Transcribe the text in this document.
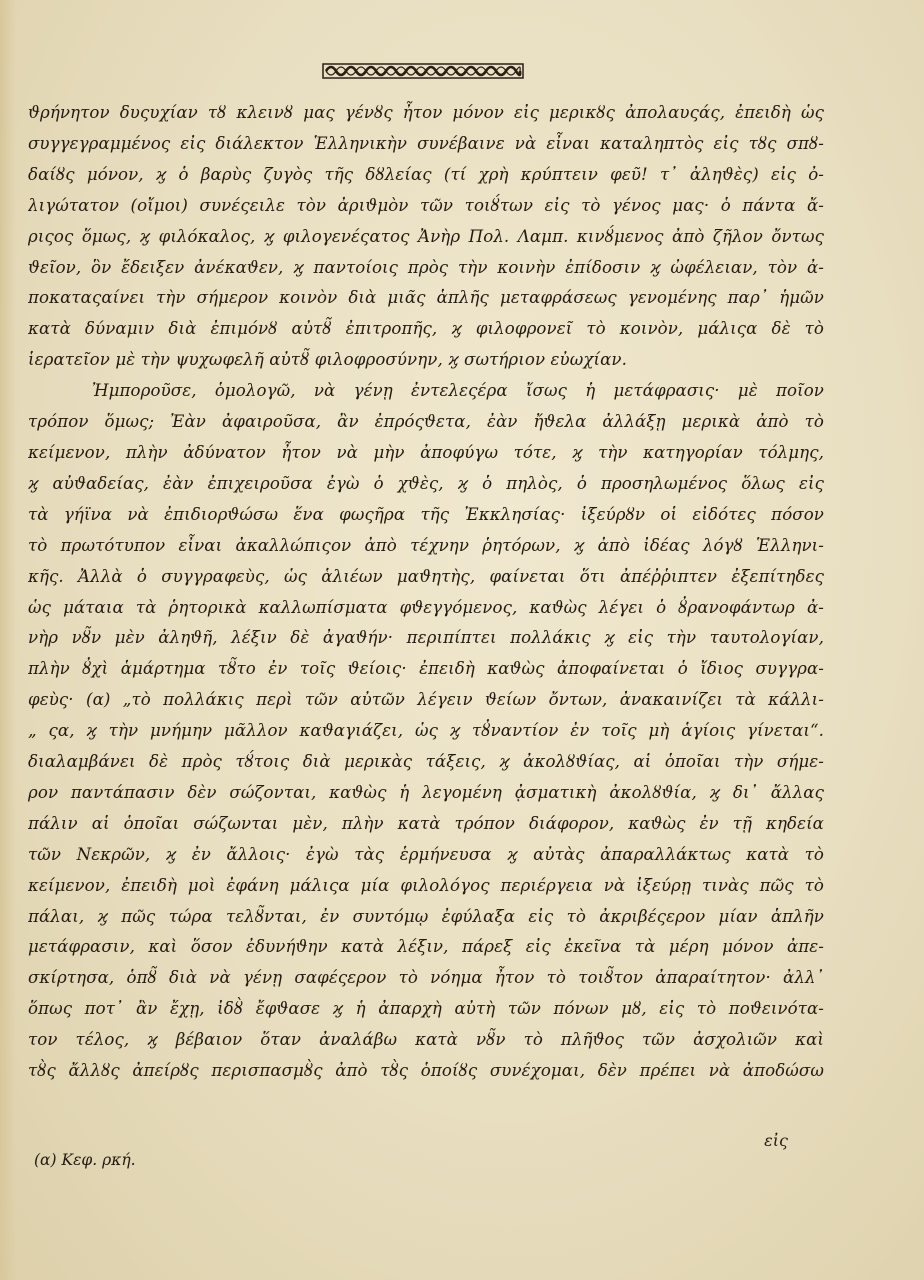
ϑρήνητον δυςυχίαν τȣ κλεινȣ μας γένȣς ἦτον μόνον εἰς μερικȣς ἀπολαυςάς, ἐπειδὴ ὡς
συγγεγραμμένος εἰς διάλεκτον Ἑλληνικὴν συνέβαινε νὰ εἶναι καταληπτὸς εἰς τȣς σπȣ-
δαίȣς μόνον, ϗ ὁ βαρὺς ζυγὸς τῆς δȣλείας (τί χρὴ κρύπτειν φεῦ! τ᾽ ἀληϑὲς) εἰς ὀ-
λιγώτατον (οἴμοι) συνέςειλε τὸν ἀριϑμὸν τῶν τοιȣ́των εἰς τὸ γένος μας· ὁ πάντα ἄ-
ριςος ὅμως, ϗ φιλόκαλος, ϗ φιλογενέςατος Ἀνὴρ Πολ. Λαμπ. κινȣ́μενος ἀπὸ ζῆλον ὄντως
ϑεῖον, ὃν ἔδειξεν ἀνέκαϑεν, ϗ παντοίοις πρὸς τὴν κοινὴν ἐπίδοσιν ϗ ὠφέλειαν, τὸν ἀ-
ποκαταςαίνει τὴν σήμερον κοινὸν διὰ μιᾶς ἁπλῆς μεταφράσεως γενομένης παρ᾽ ἡμῶν
κατὰ δύναμιν διὰ ἐπιμόνȣ αὐτȣ̃ ἐπιτροπῆς, ϗ φιλοφρονεῖ τὸ κοινὸν, μάλιςα δὲ τὸ
ἱερατεῖον μὲ τὴν ψυχωφελῆ αὐτȣ̃ φιλοφροσύνην, ϗ σωτήριον εὐωχίαν.
Ἠμποροῦσε, ὁμολογῶ, νὰ γένῃ ἐντελεςέρα ἴσως ἡ μετάφρασις· μὲ ποῖον
τρόπον ὅμως; Ἐὰν ἀφαιροῦσα, ἂν ἐπρόςϑετα, ἐὰν ἤϑελα ἀλλάξῃ μερικὰ ἀπὸ τὸ
κείμενον, πλὴν ἀδύνατον ἦτον νὰ μὴν ἀποφύγω τότε, ϗ τὴν κατηγορίαν τόλμης,
ϗ αὐϑαδείας, ἐὰν ἐπιχειροῦσα ἐγὼ ὁ χϑὲς, ϗ ὁ πηλὸς, ὁ προσηλωμένος ὅλως εἰς
τὰ γήϊνα νὰ ἐπιδιορϑώσω ἕνα φωςῆρα τῆς Ἐκκλησίας· ἰξεύρȣν οἱ εἰδότες πόσον
τὸ πρωτότυπον εἶναι ἀκαλλώπιςον ἀπὸ τέχνην ῥητόρων, ϗ ἀπὸ ἰδέας λόγȣ Ἑλληνι-
κῆς. Ἀλλὰ ὁ συγγραφεὺς, ὡς ἁλιέων μαϑητὴς, φαίνεται ὅτι ἀπέῤῥιπτεν ἐξεπίτηδες
ὡς μάταια τὰ ῥητορικὰ καλλωπίσματα φϑεγγόμενος, καϑὼς λέγει ὁ ȣ̓ρανοφάντωρ ἀ-
νὴρ νȣ̃ν μὲν ἀληϑῆ, λέξιν δὲ ἀγαϑήν· περιπίπτει πολλάκις ϗ εἰς τὴν ταυτολογίαν,
πλὴν ȣ̓χὶ ἁμάρτημα τȣ̃το ἐν τοῖς ϑείοις· ἐπειδὴ καϑὼς ἀποφαίνεται ὁ ἴδιος συγγρα-
φεὺς· (α) „τὸ πολλάκις περὶ τῶν αὐτῶν λέγειν ϑείων ὄντων, ἀνακαινίζει τὰ κάλλι-
„ ςα, ϗ τὴν μνήμην μᾶλλον καϑαγιάζει, ὡς ϗ τȣ̓ναντίον ἐν τοῖς μὴ ἁγίοις γίνεται“.
διαλαμβάνει δὲ πρὸς τȣ́τοις διὰ μερικὰς τάξεις, ϗ ἀκολȣϑίας, αἱ ὁποῖαι τὴν σήμε-
ρον παντάπασιν δὲν σώζονται, καϑὼς ἡ λεγομένη ᾀσματικὴ ἀκολȣϑία, ϗ δι᾽ ἄλλας
πάλιν αἱ ὁποῖαι σώζωνται μὲν, πλὴν κατὰ τρόπον διάφορον, καϑὼς ἐν τῇ κηδεία
τῶν Νεκρῶν, ϗ ἐν ἄλλοις· ἐγὼ τὰς ἑρμήνευσα ϗ αὐτὰς ἀπαραλλάκτως κατὰ τὸ
κείμενον, ἐπειδὴ μοὶ ἐφάνη μάλιςα μία φιλολόγος περιέργεια νὰ ἰξεύρῃ τινὰς πῶς τὸ
πάλαι, ϗ πῶς τώρα τελȣ̃νται, ἐν συντόμῳ ἐφύλαξα εἰς τὸ ἀκριβέςερον μίαν ἁπλῆν
μετάφρασιν, καὶ ὅσον ἐδυνήϑην κατὰ λέξιν, πάρεξ εἰς ἐκεῖνα τὰ μέρη μόνον ἀπε-
σκίρτησα, ὁπȣ̃ διὰ νὰ γένῃ σαφέςερον τὸ νόημα ἦτον τὸ τοιȣ̃τον ἀπαραίτητον· ἀλλ᾽
ὅπως ποτ᾽ ἂν ἔχῃ, ἰδȣ̀ ἔφϑασε ϗ ἡ ἀπαρχὴ αὐτὴ τῶν πόνων μȣ, εἰς τὸ ποϑεινότα-
τον τέλος, ϗ βέβαιον ὅταν ἀναλάβω κατὰ νȣ̃ν τὸ πλῆϑος τῶν ἀσχολιῶν καὶ
τȣ̀ς ἄλλȣς ἀπείρȣς περισπασμȣ̀ς ἀπὸ τȣ̀ς ὁποίȣς συνέχομαι, δὲν πρέπει νὰ ἀποδώσω
εἰς
(α) Κεφ. ρκή.
